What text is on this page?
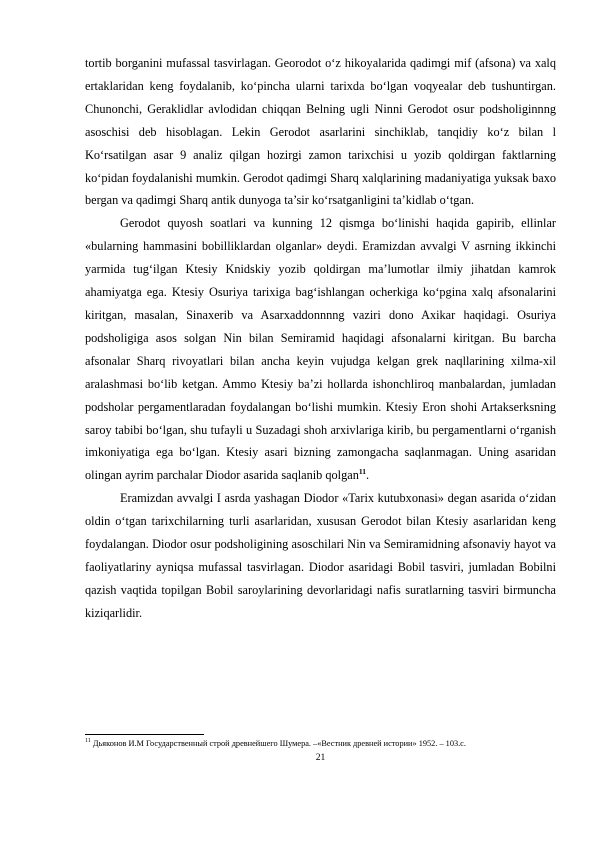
tortib borganini mufassal tasvirlagan. Georodot o‘z hikoyalarida qadimgi mif (afsona) va xalq ertaklaridan keng foydalanib, ko‘pincha ularni tarixda bo‘lgan voqyealar deb tushuntirgan. Chunonchi, Geraklidlar avlodidan chiqqan Belning ugli Ninni Gerodot osur podsholiginnng asoschisi deb hisoblagan. Lekin Gerodot asarlarini sinchiklab, tanqidiy ko‘z bilan l Ko‘rsatilgan asar 9 analiz qilgan hozirgi zamon tarixchisi u yozib qoldirgan faktlarning ko‘pidan foydalanishi mumkin. Gerodot qadimgi Sharq xalqlarining madaniyatiga yuksak baxo bergan va qadimgi Sharq antik dunyoga ta’sir ko‘rsatganligini ta’kidlab o‘tgan.

Gerodot quyosh soatlari va kunning 12 qismga bo‘linishi haqida gapirib, ellinlar «bularning hammasini bobilliklardan olganlar» deydi. Eramizdan avvalgi V asrning ikkinchi yarmida tug‘ilgan Ktesiy Knidskiy yozib qoldirgan ma’lumotlar ilmiy jihatdan kamrok ahamiyatga ega. Ktesiy Osuriya tarixiga bag‘ishlangan ocherkiga ko‘pgina xalq afsonalarini kiritgan, masalan, Sinaxerib va Asarxaddonnnng vaziri dono Axikar haqidagi. Osuriya podsholigiga asos solgan Nin bilan Semiramid haqidagi afsonalarni kiritgan. Bu barcha afsonalar Sharq rivoyatlari bilan ancha keyin vujudga kelgan grek naqllarining xilma-xil aralashmasi bo‘lib ketgan. Ammo Ktesiy ba’zi hollarda ishonchliroq manbalardan, jumladan podsholar pergamentlaradan foydalangan bo‘lishi mumkin. Ktesiy Eron shohi Artakserksning saroy tabibi bo‘lgan, shu tufayli u Suzadagi shoh arxivlariga kirib, bu pergamentlarni o‘rganish imkoniyatiga ega bo‘lgan. Ktesiy asari bizning zamongacha saqlanmagan. Uning asaridan olingan ayrim parchalar Diodor asarida saqlanib qolgan$^{11}$.

Eramizdan avvalgi I asrda yashagan Diodor «Tarix kutubxonasi» degan asarida o‘zidan oldin o‘tgan tarixchilarning turli asarlaridan, xususan Gerodot bilan Ktesiy asarlaridan keng foydalangan. Diodor osur podsholigining asoschilari Nin va Semiramidning afsonaviy hayot va faoliyatlariny ayniqsa mufassal tasvirlagan. Diodor asaridagi Bobil tasviri, jumladan Bobilni qazish vaqtida topilgan Bobil saroylarining devorlaridagi nafis suratlarning tasviri birmuncha kiziqarlidir.

$^{11}$ Дьяконов И.М Государственный строй древнейшего Шумера. –«Вестник древней истории» 1952. – 103.с.
21
